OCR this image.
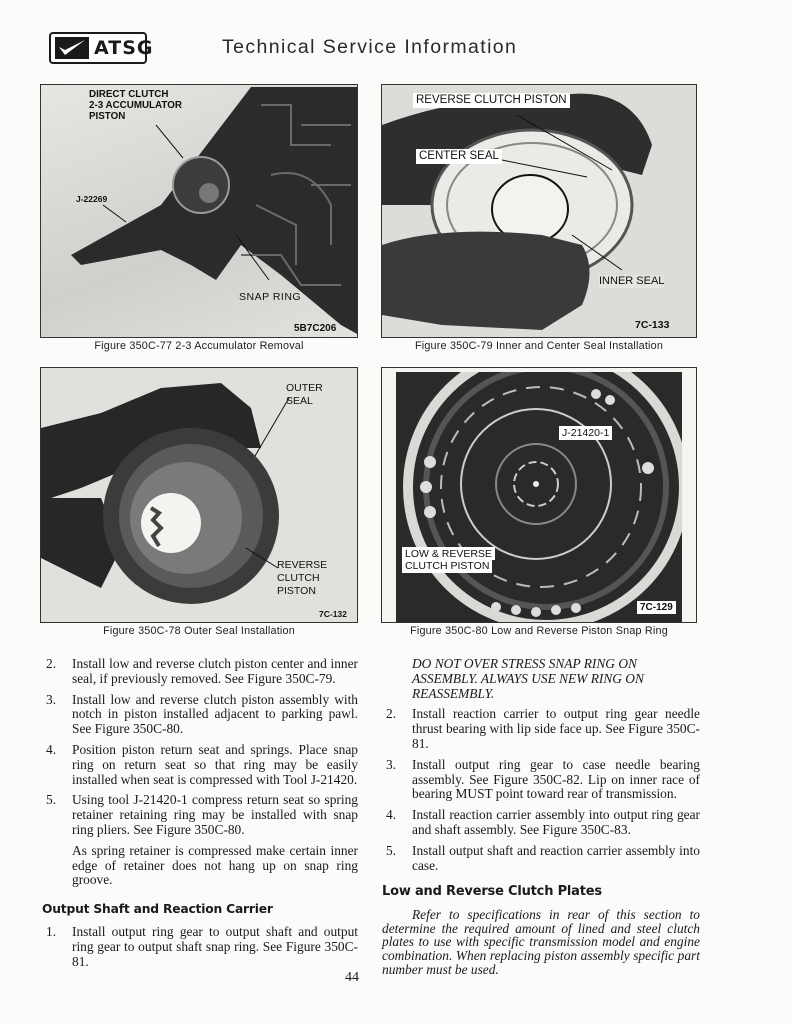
ATSG	Technical Service Information
DIRECT CLUTCH
2-3 ACCUMULATOR
PISTON
J-22269
SNAP RING
5B7C206
Figure 350C-77 2-3 Accumulator Removal
REVERSE CLUTCH PISTON
CENTER SEAL
INNER SEAL
7C-133
Figure 350C-79 Inner and Center Seal Installation
OUTER
SEAL
REVERSE
CLUTCH
PISTON
7C-132
Figure 350C-78 Outer Seal Installation
J-21420-1
LOW & REVERSE
CLUTCH PISTON
7C-129
Figure 350C-80 Low and Reverse Piston Snap Ring
2. Install low and reverse clutch piston center and inner seal, if previously removed. See Figure 350C-79.
3. Install low and reverse clutch piston assembly with notch in piston installed adjacent to parking pawl. See Figure 350C-80.
4. Position piston return seat and springs. Place snap ring on return seat so that ring may be easily installed when seat is compressed with Tool J-21420.
5. Using tool J-21420-1 compress return seat so spring retainer retaining ring may be installed with snap ring pliers. See Figure 350C-80.
As spring retainer is compressed make certain inner edge of retainer does not hang up on snap ring groove.
Output Shaft and Reaction Carrier
1. Install output ring gear to output shaft and output ring gear to output shaft snap ring. See Figure 350C-81.
DO NOT OVER STRESS SNAP RING ON ASSEMBLY. ALWAYS USE NEW RING ON REASSEMBLY.
2. Install reaction carrier to output ring gear needle thrust bearing with lip side face up. See Figure 350C-81.
3. Install output ring gear to case needle bearing assembly. See Figure 350C-82. Lip on inner race of bearing MUST point toward rear of transmission.
4. Install reaction carrier assembly into output ring gear and shaft assembly. See Figure 350C-83.
5. Install output shaft and reaction carrier assembly into case.
Low and Reverse Clutch Plates
Refer to specifications in rear of this section to determine the required amount of lined and steel clutch plates to use with specific transmission model and engine combination. When replacing piston assembly specific part number must be used.
44
